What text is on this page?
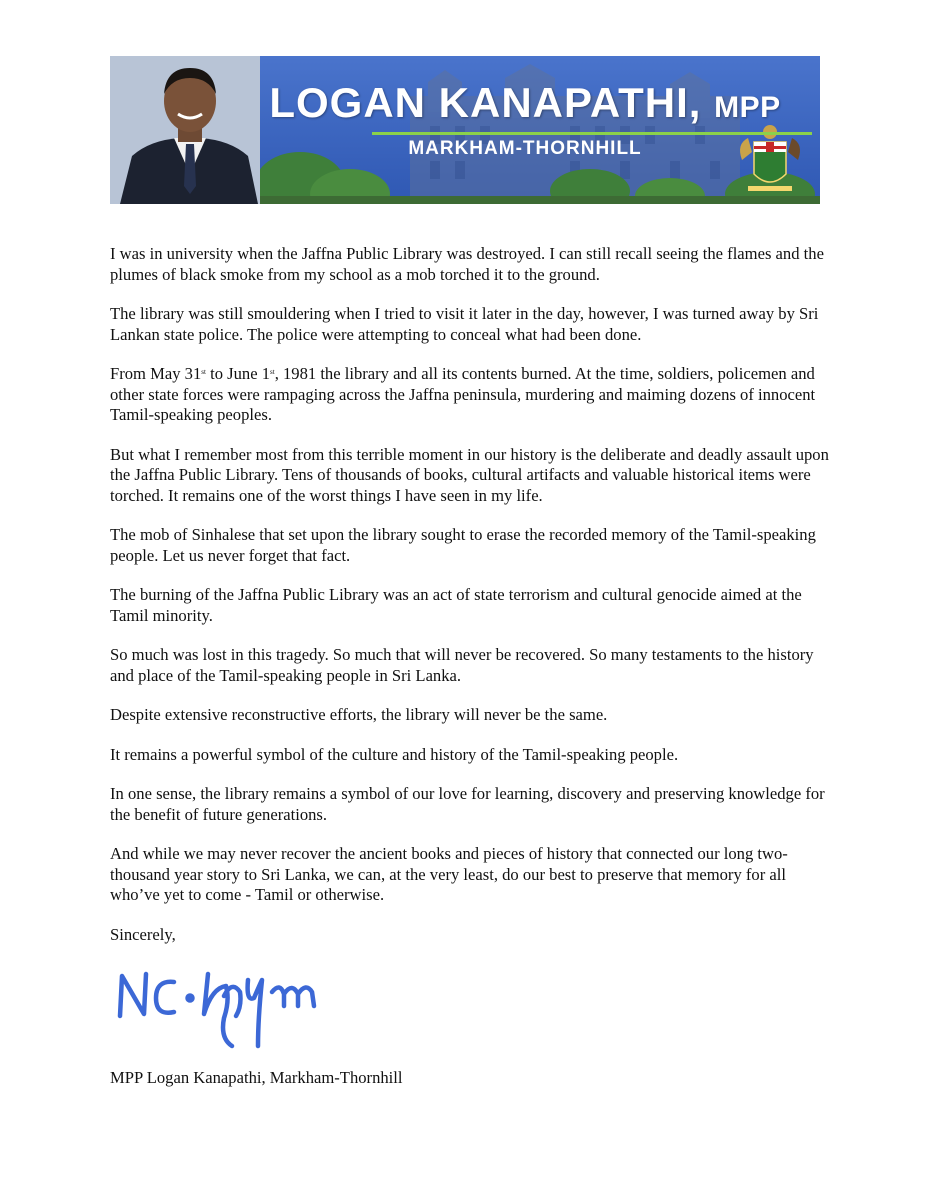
LOGAN KANAPATHI, MPP
MARKHAM-THORNHILL

I was in university when the Jaffna Public Library was destroyed. I can still recall seeing the flames and the plumes of black smoke from my school as a mob torched it to the ground.

The library was still smouldering when I tried to visit it later in the day, however, I was turned away by Sri Lankan state police. The police were attempting to conceal what had been done.

From May 31st to June 1st, 1981 the library and all its contents burned. At the time, soldiers, policemen and other state forces were rampaging across the Jaffna peninsula, murdering and maiming dozens of innocent Tamil-speaking peoples.

But what I remember most from this terrible moment in our history is the deliberate and deadly assault upon the Jaffna Public Library. Tens of thousands of books, cultural artifacts and valuable historical items were torched. It remains one of the worst things I have seen in my life.

The mob of Sinhalese that set upon the library sought to erase the recorded memory of the Tamil-speaking people. Let us never forget that fact.

The burning of the Jaffna Public Library was an act of state terrorism and cultural genocide aimed at the Tamil minority.

So much was lost in this tragedy. So much that will never be recovered. So many testaments to the history and place of the Tamil-speaking people in Sri Lanka.

Despite extensive reconstructive efforts, the library will never be the same.

It remains a powerful symbol of the culture and history of the Tamil-speaking people.

In one sense, the library remains a symbol of our love for learning, discovery and preserving knowledge for the benefit of future generations.

And while we may never recover the ancient books and pieces of history that connected our long two-thousand year story to Sri Lanka, we can, at the very least, do our best to preserve that memory for all who’ve yet to come - Tamil or otherwise.

Sincerely,

MPP Logan Kanapathi, Markham-Thornhill
